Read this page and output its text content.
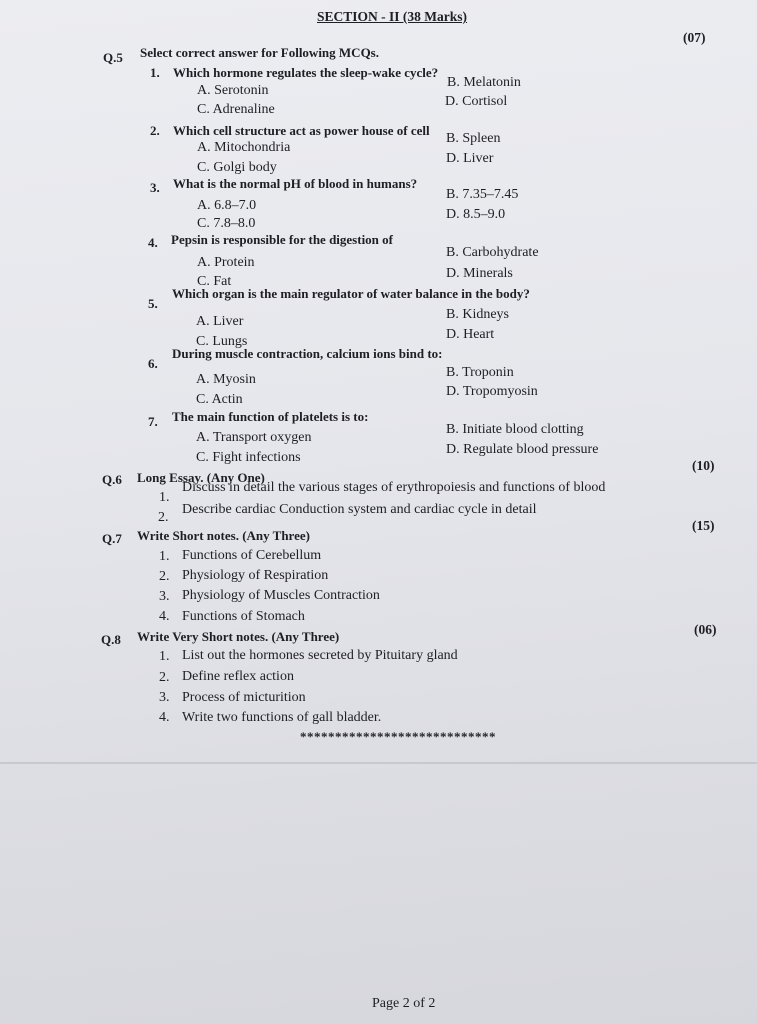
SECTION - II (38 Marks)
Q.5 Select correct answer for Following MCQs.
(07)
1. Which hormone regulates the sleep-wake cycle?
A. Serotonin
B. Melatonin
C. Adrenaline
D. Cortisol
2. Which cell structure act as power house of cell
A. Mitochondria
B. Spleen
C. Golgi body
D. Liver
3. What is the normal pH of blood in humans?
A. 6.8–7.0
B. 7.35–7.45
C. 7.8–8.0
D. 8.5–9.0
4. Pepsin is responsible for the digestion of
A. Protein
B. Carbohydrate
C. Fat
D. Minerals
5.
Which organ is the main regulator of water balance in the body?
A. Liver	B. Kidneys
C. Lungs	D. Heart
6.
During muscle contraction, calcium ions bind to:
A. Myosin	B. Troponin
C. Actin
D. Tropomyosin
7. The main function of platelets is to:
A. Transport oxygen
B. Initiate blood clotting
C. Fight infections
D. Regulate blood pressure
Q.6 Long Essay. (Any One)
(10)
1.
Discuss in detail the various stages of erythropoiesis and functions of blood
2.
Describe cardiac Conduction system and cardiac cycle in detail
Q.7 Write Short notes. (Any Three)
(15)
1. Functions of Cerebellum
2. Physiology of Respiration
3. Physiology of Muscles Contraction
4. Functions of Stomach
Q.8 Write Very Short notes. (Any Three)	(06)
1. List out the hormones secreted by Pituitary gland
2. Define reflex action
3. Process of micturition
4. Write two functions of gall bladder.
****************************
Page 2 of 2
